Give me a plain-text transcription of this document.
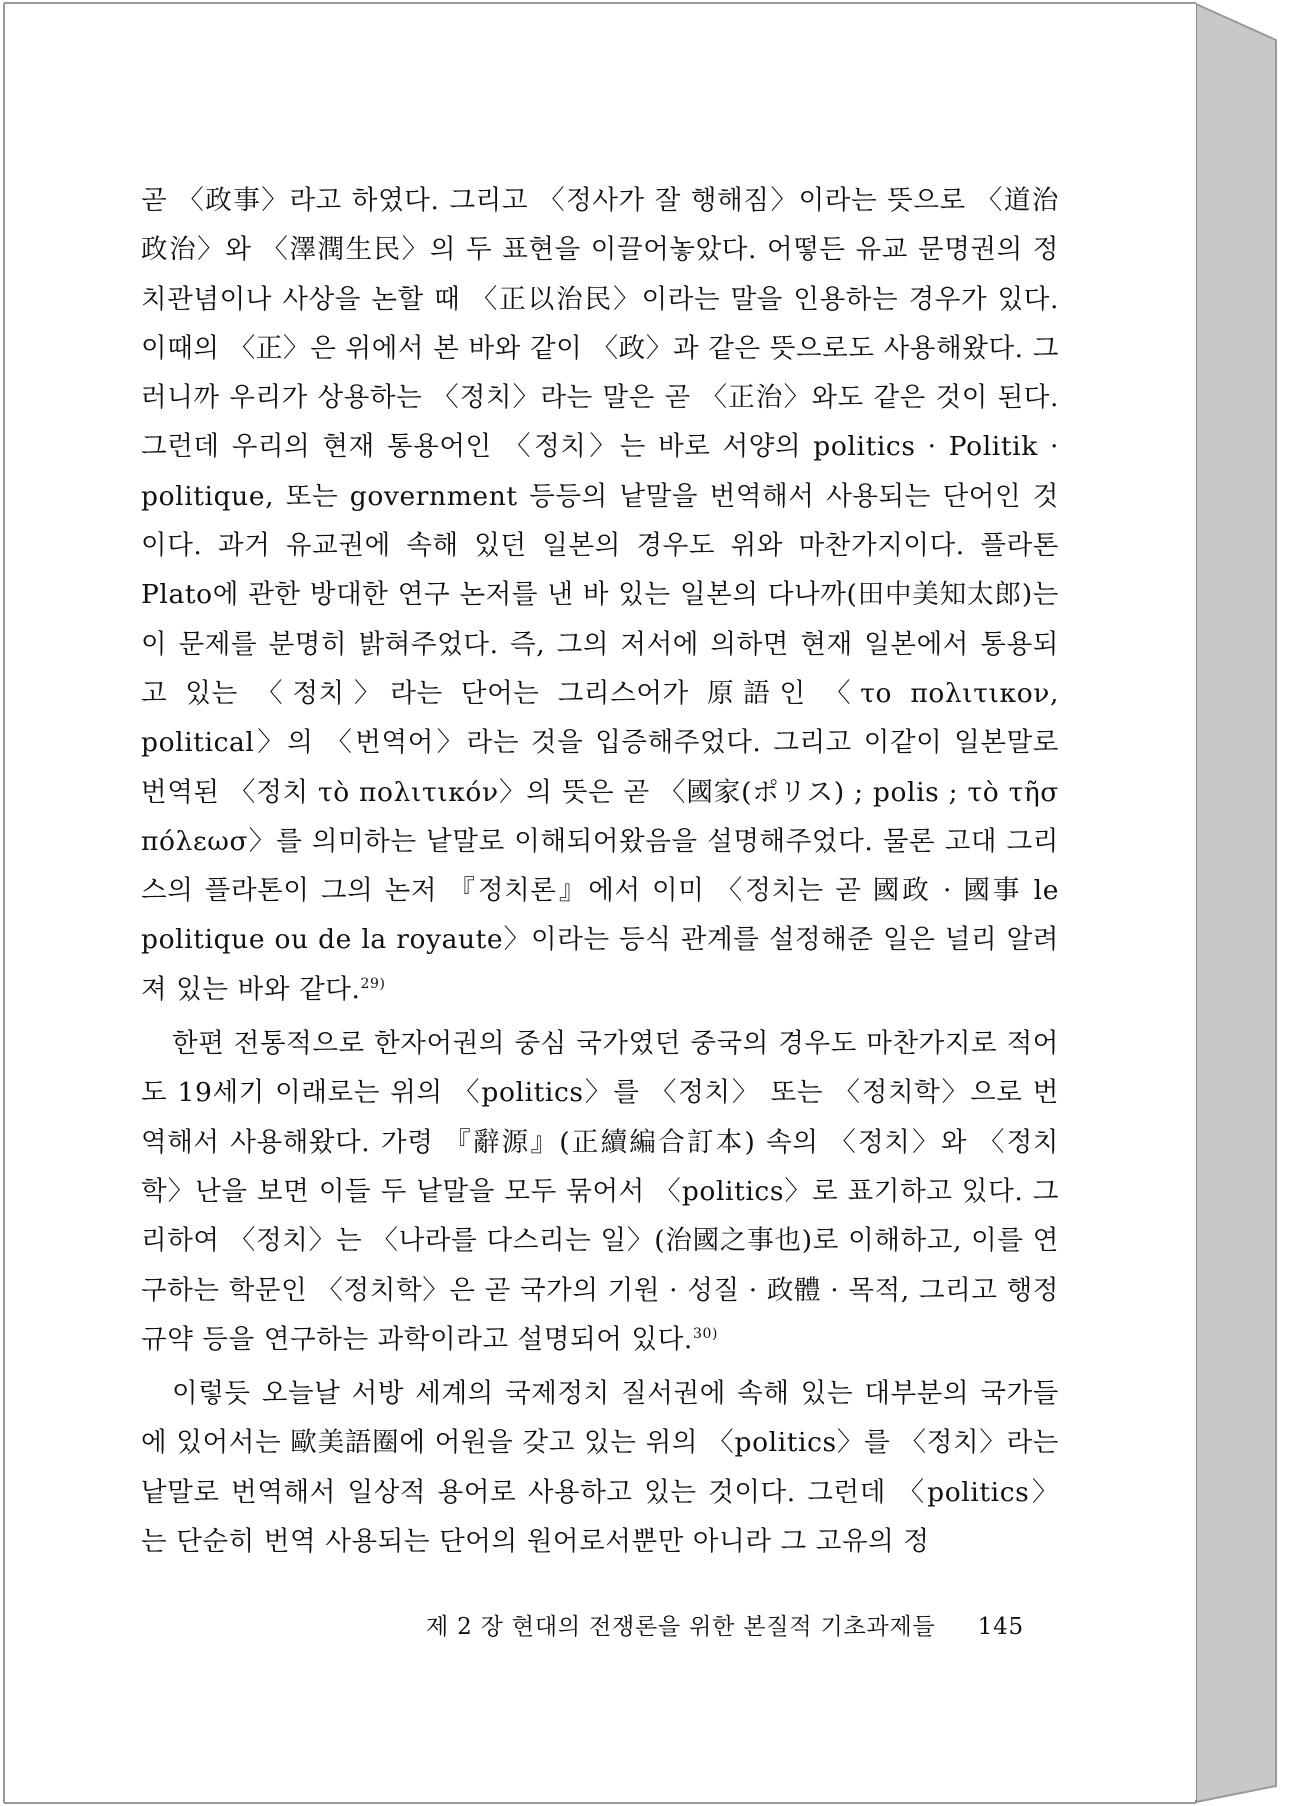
곧 〈政事〉라고 하였다. 그리고 〈정사가 잘 행해짐〉이라는 뜻으로 〈道治政治〉와 〈澤潤生民〉의 두 표현을 이끌어놓았다. 어떻든 유교 문명권의 정치관념이나 사상을 논할 때 〈正以治民〉이라는 말을 인용하는 경우가 있다. 이때의 〈正〉은 위에서 본 바와 같이 〈政〉과 같은 뜻으로도 사용해왔다. 그러니까 우리가 상용하는 〈정치〉라는 말은 곧 〈正治〉와도 같은 것이 된다. 그런데 우리의 현재 통용어인 〈정치〉는 바로 서양의 politics · Politik · politique, 또는 government 등등의 낱말을 번역해서 사용되는 단어인 것이다. 과거 유교권에 속해 있던 일본의 경우도 위와 마찬가지이다. 플라톤 Plato에 관한 방대한 연구 논저를 낸 바 있는 일본의 다나까(田中美知太郎)는 이 문제를 분명히 밝혀주었다. 즉, 그의 저서에 의하면 현재 일본에서 통용되고 있는 〈정치〉라는 단어는 그리스어가 原語인 〈το πολιτικον, political〉의 〈번역어〉라는 것을 입증해주었다. 그리고 이같이 일본말로 번역된 〈정치 τὸ πολιτικόν〉의 뜻은 곧 〈國家(ポリス) ; polis ; τὸ τῆσ πόλεωσ〉를 의미하는 낱말로 이해되어왔음을 설명해주었다. 물론 고대 그리스의 플라톤이 그의 논저 『정치론』에서 이미 〈정치는 곧 國政 · 國事 le politique ou de la royaute〉이라는 등식 관계를 설정해준 일은 널리 알려져 있는 바와 같다.$^{29)}$

한편 전통적으로 한자어권의 중심 국가였던 중국의 경우도 마찬가지로 적어도 19세기 이래로는 위의 〈politics〉를 〈정치〉 또는 〈정치학〉으로 번역해서 사용해왔다. 가령 『辭源』(正續編合訂本) 속의 〈정치〉와 〈정치학〉난을 보면 이들 두 낱말을 모두 묶어서 〈politics〉로 표기하고 있다. 그리하여 〈정치〉는 〈나라를 다스리는 일〉(治國之事也)로 이해하고, 이를 연구하는 학문인 〈정치학〉은 곧 국가의 기원 · 성질 · 政體 · 목적, 그리고 행정 규약 등을 연구하는 과학이라고 설명되어 있다.$^{30)}$

이렇듯 오늘날 서방 세계의 국제정치 질서권에 속해 있는 대부분의 국가들에 있어서는 歐美語圈에 어원을 갖고 있는 위의 〈politics〉를 〈정치〉라는 낱말로 번역해서 일상적 용어로 사용하고 있는 것이다. 그런데 〈politics〉는 단순히 번역 사용되는 단어의 원어로서뿐만 아니라 그 고유의 정

제 2 장 현대의 전쟁론을 위한 본질적 기초과제들 145
